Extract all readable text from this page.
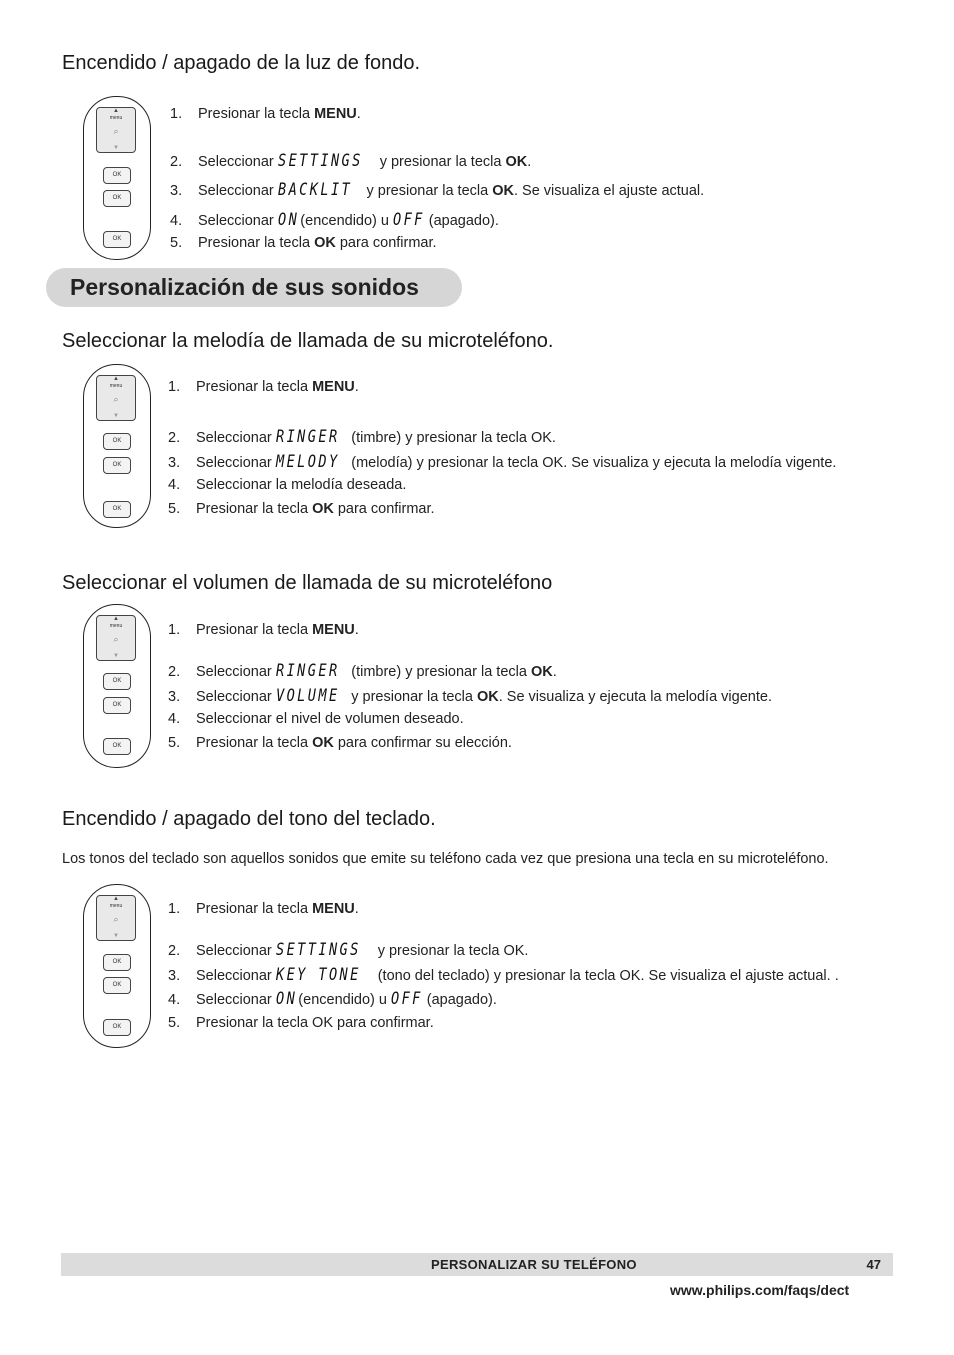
Encendido / apagado de la luz de fondo.
▲
menu
⌕
▼
OK
OK
OK
1. Presionar la tecla MENU.
2. Seleccionar SETTINGS y presionar la tecla OK.
3. Seleccionar BACKLIT y presionar la tecla OK. Se visualiza el ajuste actual.
4. Seleccionar ON (encendido) u OFF (apagado).
5. Presionar la tecla OK para confirmar.
Personalización de sus sonidos
Seleccionar la melodía de llamada de su microteléfono.
▲
menu
⌕
▼
OK
OK
OK
1. Presionar la tecla MENU.
2. Seleccionar RINGER (timbre) y presionar la tecla OK.
3. Seleccionar MELODY (melodía) y presionar la tecla OK. Se visualiza y ejecuta la melodía vigente.
4. Seleccionar la melodía deseada.
5. Presionar la tecla OK para confirmar.
Seleccionar el volumen de llamada de su microteléfono
▲
menu
⌕
▼
OK
OK
OK
1. Presionar la tecla MENU.
2. Seleccionar RINGER (timbre) y presionar la tecla OK.
3. Seleccionar VOLUME y presionar la tecla OK. Se visualiza y ejecuta la melodía vigente.
4. Seleccionar el nivel de volumen deseado.
5. Presionar la tecla OK para confirmar su elección.
Encendido / apagado del tono del teclado.
Los tonos del teclado son aquellos sonidos que emite su teléfono cada vez que presiona una tecla en su microteléfono.
▲
menu
⌕
▼
OK
OK
OK
1. Presionar la tecla MENU.
2. Seleccionar SETTINGS y presionar la tecla OK.
3. Seleccionar KEY TONE (tono del teclado) y presionar la tecla OK. Se visualiza el ajuste actual. .
4. Seleccionar ON (encendido) u OFF (apagado).
5. Presionar la tecla OK para confirmar.
PERSONALIZAR SU TELÉFONO	47
www.philips.com/faqs/dect
